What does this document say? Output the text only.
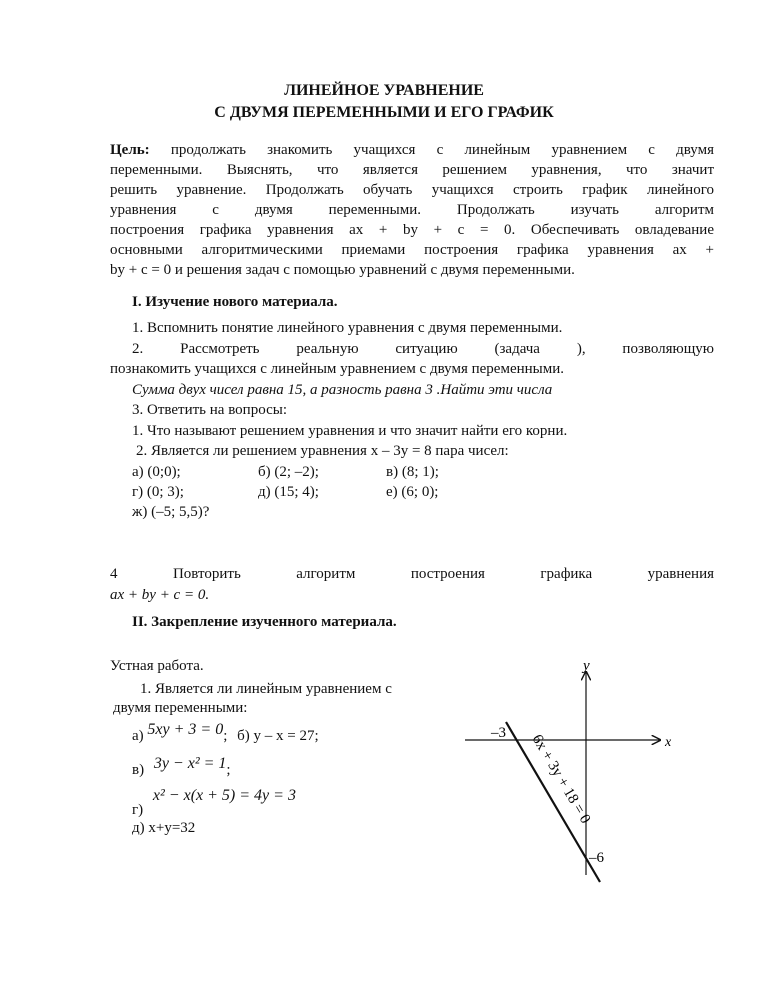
ЛИНЕЙНОЕ УРАВНЕНИЕ
С ДВУМЯ ПЕРЕМЕННЫМИ И ЕГО ГРАФИК
Цель: продолжать знакомить учащихся с линейным уравнением с двумя
переменными. Выяснять, что является решением уравнения, что значит
решить уравнение. Продолжать обучать учащихся строить график линейного
уравнения с двумя переменными. Продолжать изучать алгоритм
построения графика уравнения ax + by + c = 0. Обеспечивать овладевание
основными алгоритмическими приемами построения графика уравнения ax +
by + c = 0 и решения задач с помощью уравнений с двумя переменными.
I. Изучение нового материала.
1. Вспомнить понятие линейного уравнения с двумя переменными.
2. Рассмотреть реальную ситуацию (задача ), позволяющую
познакомить учащихся с линейным уравнением с двумя переменными.
Сумма двух чисел равна 15, а разность равна 3 .Найти эти числа
3. Ответить на вопросы:
1. Что называют решением уравнения и что значит найти его корни.
2. Является ли решением уравнения x – 3y = 8 пара чисел:
а) (0;0);	б) (2; –2);	в) (8; 1);
г) (0; 3);	д) (15; 4);	е) (6; 0);
ж) (–5; 5,5)?
4 Повторить алгоритм построения графика уравнения
ax + by + c = 0.
II. Закрепление изученного материала.
Устная работа.
1. Является ли линейным уравнением с
двумя переменными:
а) 5xy + 3 = 0; б) y – x = 27;
в) 3y − x² = 1;
г) x² − x(x + 5) = 4y = 3
д) x+y=32
y
x
–3
–6
6x + 3y + 18 = 0
